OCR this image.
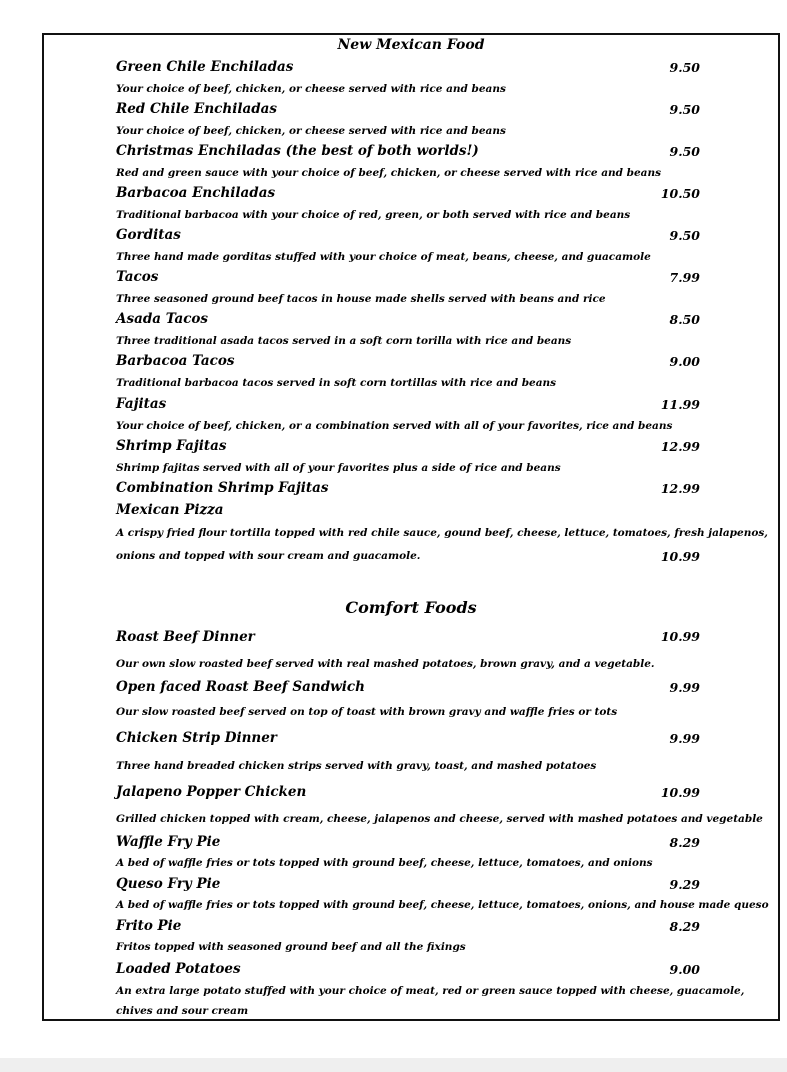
New Mexican Food
Green Chile Enchiladas	9.50
Your choice of beef, chicken, or cheese served with rice and beans
Red Chile Enchiladas	9.50
Your choice of beef, chicken, or cheese served with rice and beans
Christmas Enchiladas (the best of both worlds!)	9.50
Red and green sauce with your choice of beef, chicken, or cheese served with rice and beans
Barbacoa Enchiladas	10.50
Traditional barbacoa with your choice of red, green, or both served with rice and beans
Gorditas	9.50
Three hand made gorditas stuffed with your choice of meat, beans, cheese, and guacamole
Tacos	7.99
Three seasoned ground beef tacos in house made shells served with beans and rice
Asada Tacos	8.50
Three traditional asada tacos served in a soft corn torilla with rice and beans
Barbacoa Tacos	9.00
Traditional barbacoa tacos served in soft corn tortillas with rice and beans
Fajitas	11.99
Your choice of beef, chicken, or a combination served with all of your favorites, rice and beans
Shrimp Fajitas	12.99
Shrimp fajitas served with all of your favorites plus a side of rice and beans
Combination Shrimp Fajitas	12.99
Mexican Pizza
A crispy fried flour tortilla topped with red chile sauce, gound beef, cheese, lettuce, tomatoes, fresh jalapenos,
onions and topped with sour cream and guacamole.	10.99
Comfort Foods
Roast Beef Dinner	10.99
Our own slow roasted beef served with real mashed potatoes, brown gravy, and a vegetable.
Open faced Roast Beef Sandwich	9.99
Our slow roasted beef served on top of toast with brown gravy and waffle fries or tots
Chicken Strip Dinner	9.99
Three hand breaded chicken strips served with gravy, toast, and mashed potatoes
Jalapeno Popper Chicken	10.99
Grilled chicken topped with cream, cheese, jalapenos and cheese, served with mashed potatoes and vegetable
Waffle Fry Pie	8.29
A bed of waffle fries or tots topped with ground beef, cheese, lettuce, tomatoes, and onions
Queso Fry Pie	9.29
A bed of waffle fries or tots topped with ground beef, cheese, lettuce, tomatoes, onions, and house made queso
Frito Pie	8.29
Fritos topped with seasoned ground beef and all the fixings
Loaded Potatoes	9.00
An extra large potato stuffed with your choice of meat, red or green sauce topped with cheese, guacamole,
chives and sour cream
